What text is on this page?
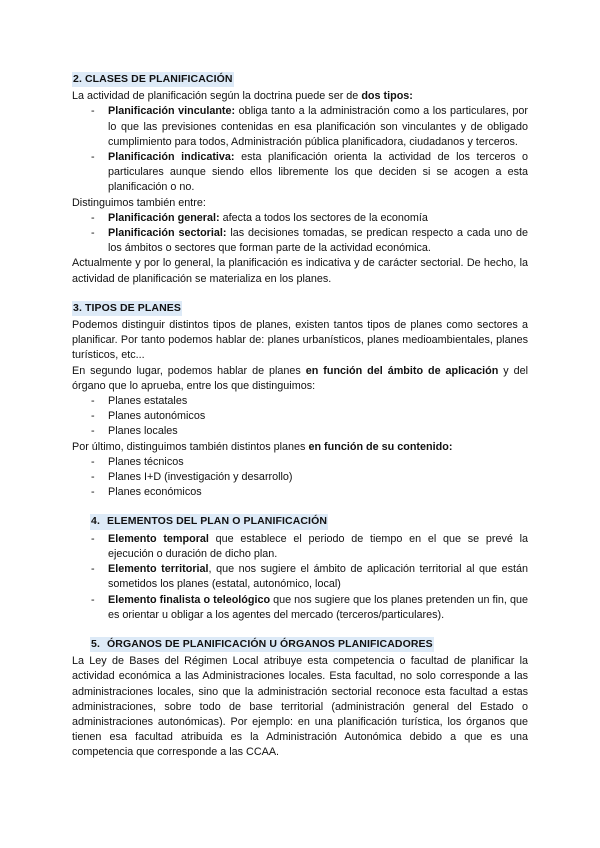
2. CLASES DE PLANIFICACIÓN

La actividad de planificación según la doctrina puede ser de dos tipos:

- Planificación vinculante: obliga tanto a la administración como a los particulares, por lo que las previsiones contenidas en esa planificación son vinculantes y de obligado cumplimiento para todos, Administración pública planificadora, ciudadanos y terceros.
- Planificación indicativa: esta planificación orienta la actividad de los terceros o particulares aunque siendo ellos libremente los que deciden si se acogen a esta planificación o no.

Distinguimos también entre:

- Planificación general: afecta a todos los sectores de la economía
- Planificación sectorial: las decisiones tomadas, se predican respecto a cada uno de los ámbitos o sectores que forman parte de la actividad económica.

Actualmente y por lo general, la planificación es indicativa y de carácter sectorial. De hecho, la actividad de planificación se materializa en los planes.

3. TIPOS DE PLANES

Podemos distinguir distintos tipos de planes, existen tantos tipos de planes como sectores a planificar. Por tanto podemos hablar de: planes urbanísticos, planes medioambientales, planes turísticos, etc...

En segundo lugar, podemos hablar de planes en función del ámbito de aplicación y del órgano que lo aprueba, entre los que distinguimos:

- Planes estatales
- Planes autonómicos
- Planes locales

Por último, distinguimos también distintos planes en función de su contenido:

- Planes técnicos
- Planes I+D (investigación y desarrollo)
- Planes económicos
4. ELEMENTOS DEL PLAN O PLANIFICACIÓN
- Elemento temporal que establece el periodo de tiempo en el que se prevé la ejecución o duración de dicho plan.
- Elemento territorial, que nos sugiere el ámbito de aplicación territorial al que están sometidos los planes (estatal, autonómico, local)
- Elemento finalista o teleológico que nos sugiere que los planes pretenden un fin, que es orientar u obligar a los agentes del mercado (terceros/particulares).
5. ÓRGANOS DE PLANIFICACIÓN U ÓRGANOS PLANIFICADORES

La Ley de Bases del Régimen Local atribuye esta competencia o facultad de planificar la actividad económica a las Administraciones locales. Esta facultad, no solo corresponde a las administraciones locales, sino que la administración sectorial reconoce esta facultad a estas administraciones, sobre todo de base territorial (administración general del Estado o administraciones autonómicas). Por ejemplo: en una planificación turística, los órganos que tienen esa facultad atribuida es la Administración Autonómica debido a que es una competencia que corresponde a las CCAA.
